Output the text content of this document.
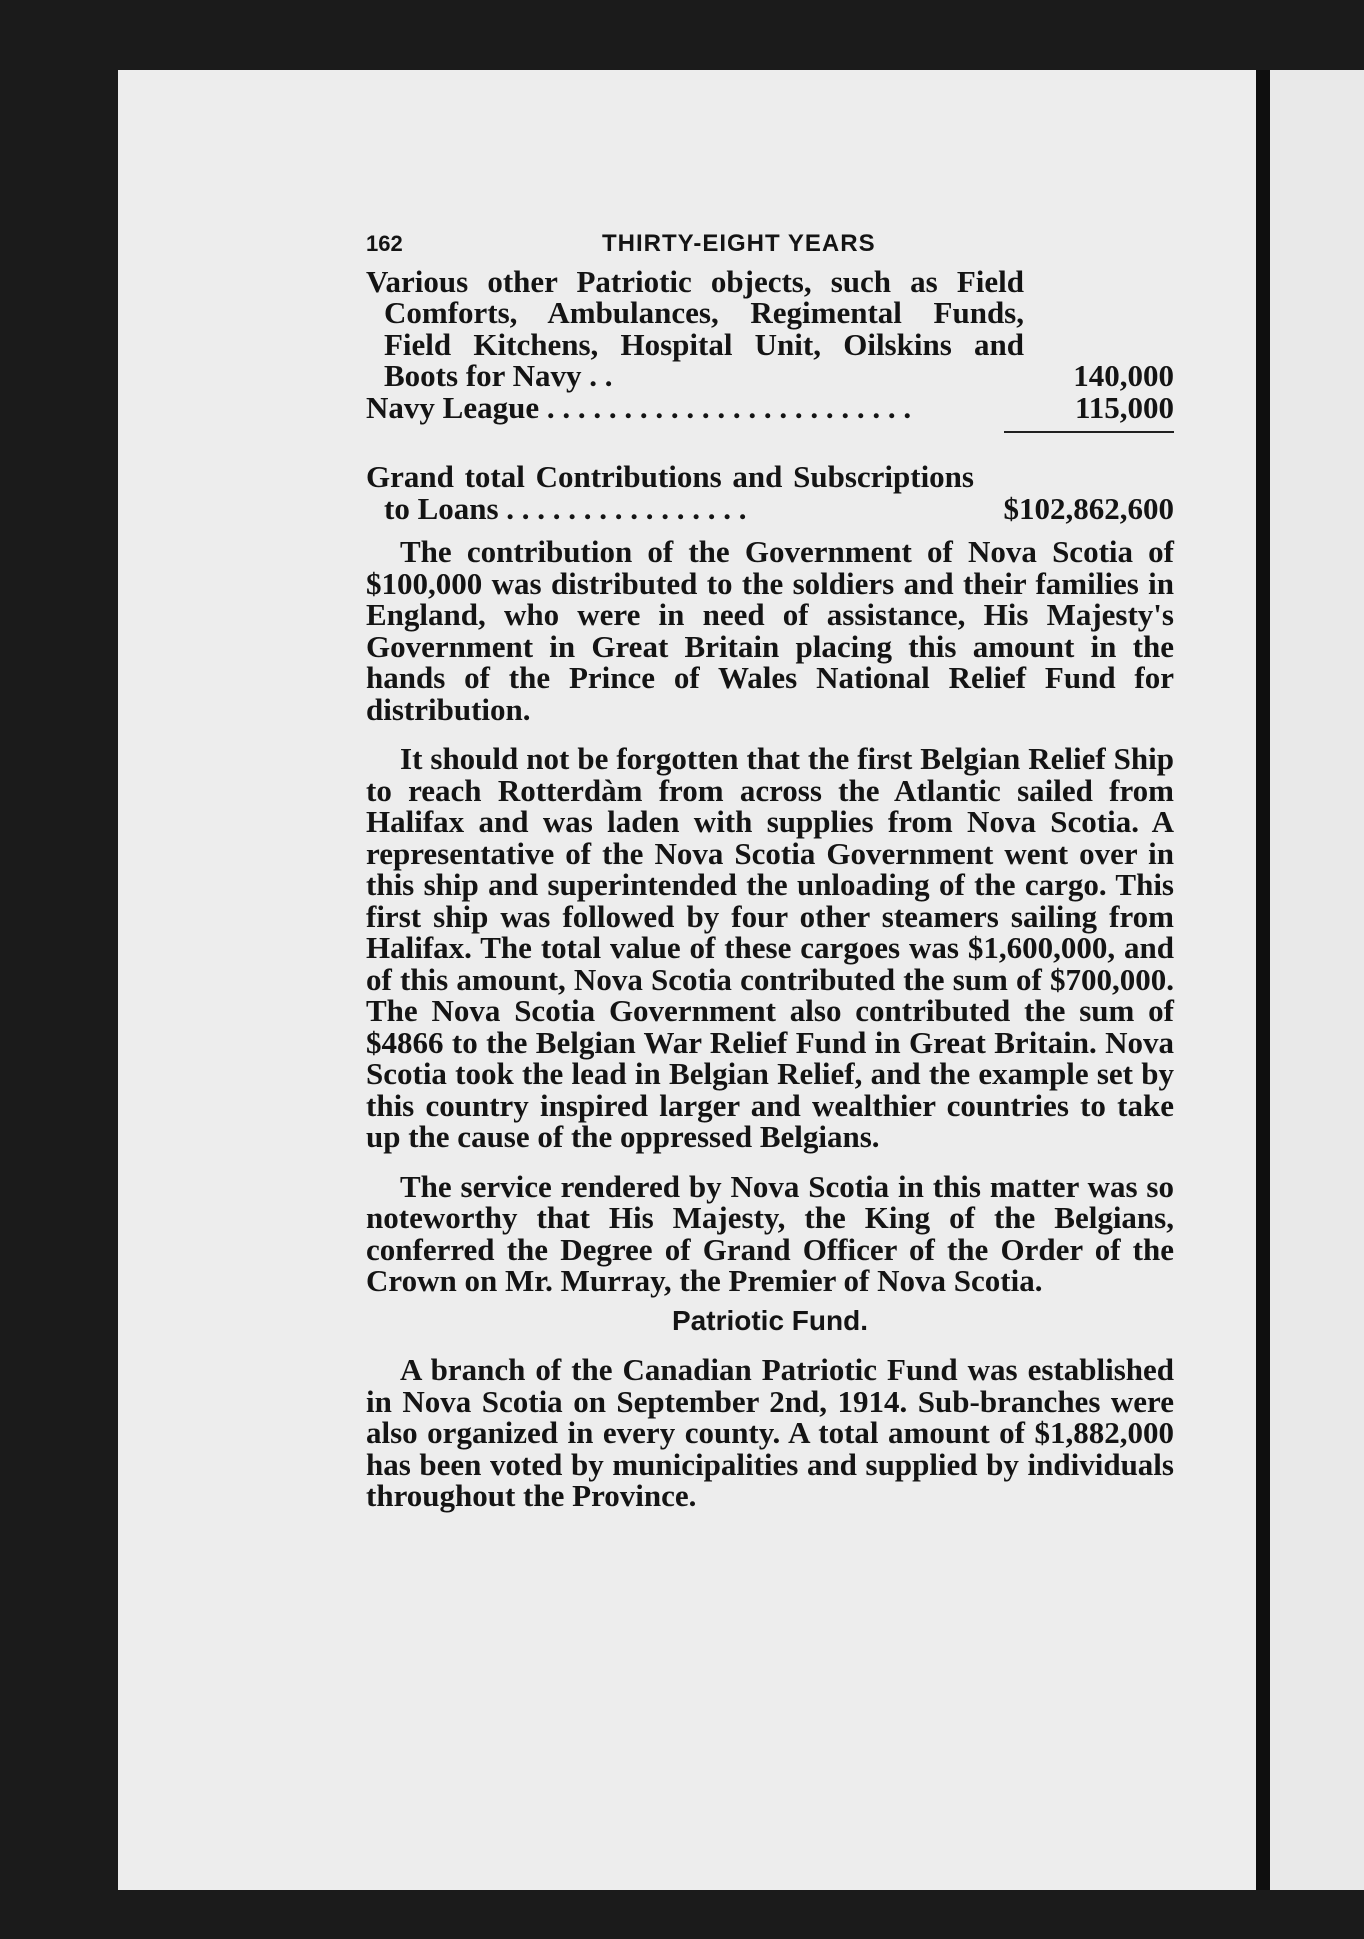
162	THIRTY-EIGHT YEARS
Various other Patriotic objects, such as Field Comforts, Ambulances, Regimental Funds, Field Kitchens, Hospital Unit, Oilskins and Boots for Navy . .	140,000
Navy League . . . . . . . . . . . . . . . . . . . . . . . .	115,000
Grand total Contributions and Subscriptions to Loans . . . . . . . . . . . . . . . .	$102,862,600

The contribution of the Government of Nova Scotia of $100,000 was distributed to the soldiers and their families in England, who were in need of assistance, His Majesty's Government in Great Britain placing this amount in the hands of the Prince of Wales National Relief Fund for distribution.

It should not be forgotten that the first Belgian Relief Ship to reach Rotterdàm from across the Atlantic sailed from Halifax and was laden with supplies from Nova Scotia. A representative of the Nova Scotia Government went over in this ship and superintended the unloading of the cargo. This first ship was followed by four other steamers sailing from Halifax. The total value of these cargoes was $1,600,000, and of this amount, Nova Scotia contributed the sum of $700,000. The Nova Scotia Government also contributed the sum of $4866 to the Belgian War Relief Fund in Great Britain. Nova Scotia took the lead in Belgian Relief, and the example set by this country inspired larger and wealthier countries to take up the cause of the oppressed Belgians.

The service rendered by Nova Scotia in this matter was so noteworthy that His Majesty, the King of the Belgians, conferred the Degree of Grand Officer of the Order of the Crown on Mr. Murray, the Premier of Nova Scotia.

Patriotic Fund.

A branch of the Canadian Patriotic Fund was established in Nova Scotia on September 2nd, 1914. Sub-branches were also organized in every county. A total amount of $1,882,000 has been voted by municipalities and supplied by individuals throughout the Province.
